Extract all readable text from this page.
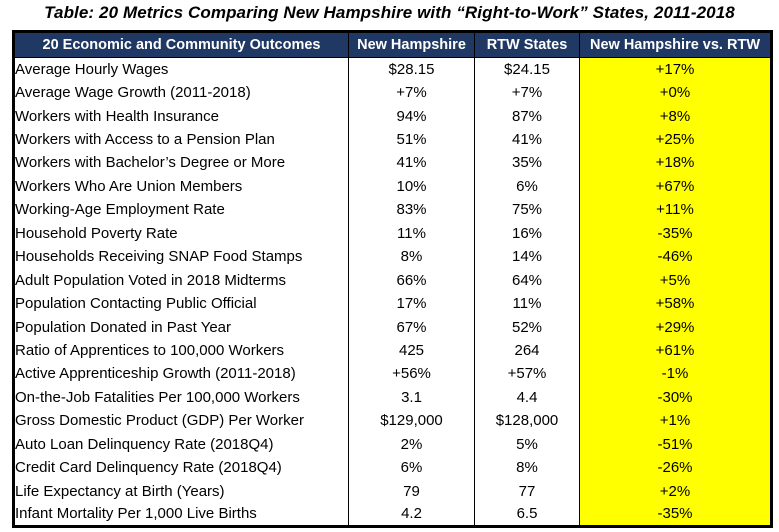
Table: 20 Metrics Comparing New Hampshire with “Right-to-Work” States, 2011-2018
20 Economic and Community Outcomes	New Hampshire	RTW States	New Hampshire vs. RTW
Average Hourly Wages	$28.15	$24.15	+17%
Average Wage Growth (2011-2018)	+7%	+7%	+0%
Workers with Health Insurance	94%	87%	+8%
Workers with Access to a Pension Plan	51%	41%	+25%
Workers with Bachelor’s Degree or More	41%	35%	+18%
Workers Who Are Union Members	10%	6%	+67%
Working-Age Employment Rate	83%	75%	+11%
Household Poverty Rate	11%	16%	-35%
Households Receiving SNAP Food Stamps	8%	14%	-46%
Adult Population Voted in 2018 Midterms	66%	64%	+5%
Population Contacting Public Official	17%	11%	+58%
Population Donated in Past Year	67%	52%	+29%
Ratio of Apprentices to 100,000 Workers	425	264	+61%
Active Apprenticeship Growth (2011-2018)	+56%	+57%	-1%
On-the-Job Fatalities Per 100,000 Workers	3.1	4.4	-30%
Gross Domestic Product (GDP) Per Worker	$129,000	$128,000	+1%
Auto Loan Delinquency Rate (2018Q4)	2%	5%	-51%
Credit Card Delinquency Rate (2018Q4)	6%	8%	-26%
Life Expectancy at Birth (Years)	79	77	+2%
Infant Mortality Per 1,000 Live Births	4.2	6.5	-35%
